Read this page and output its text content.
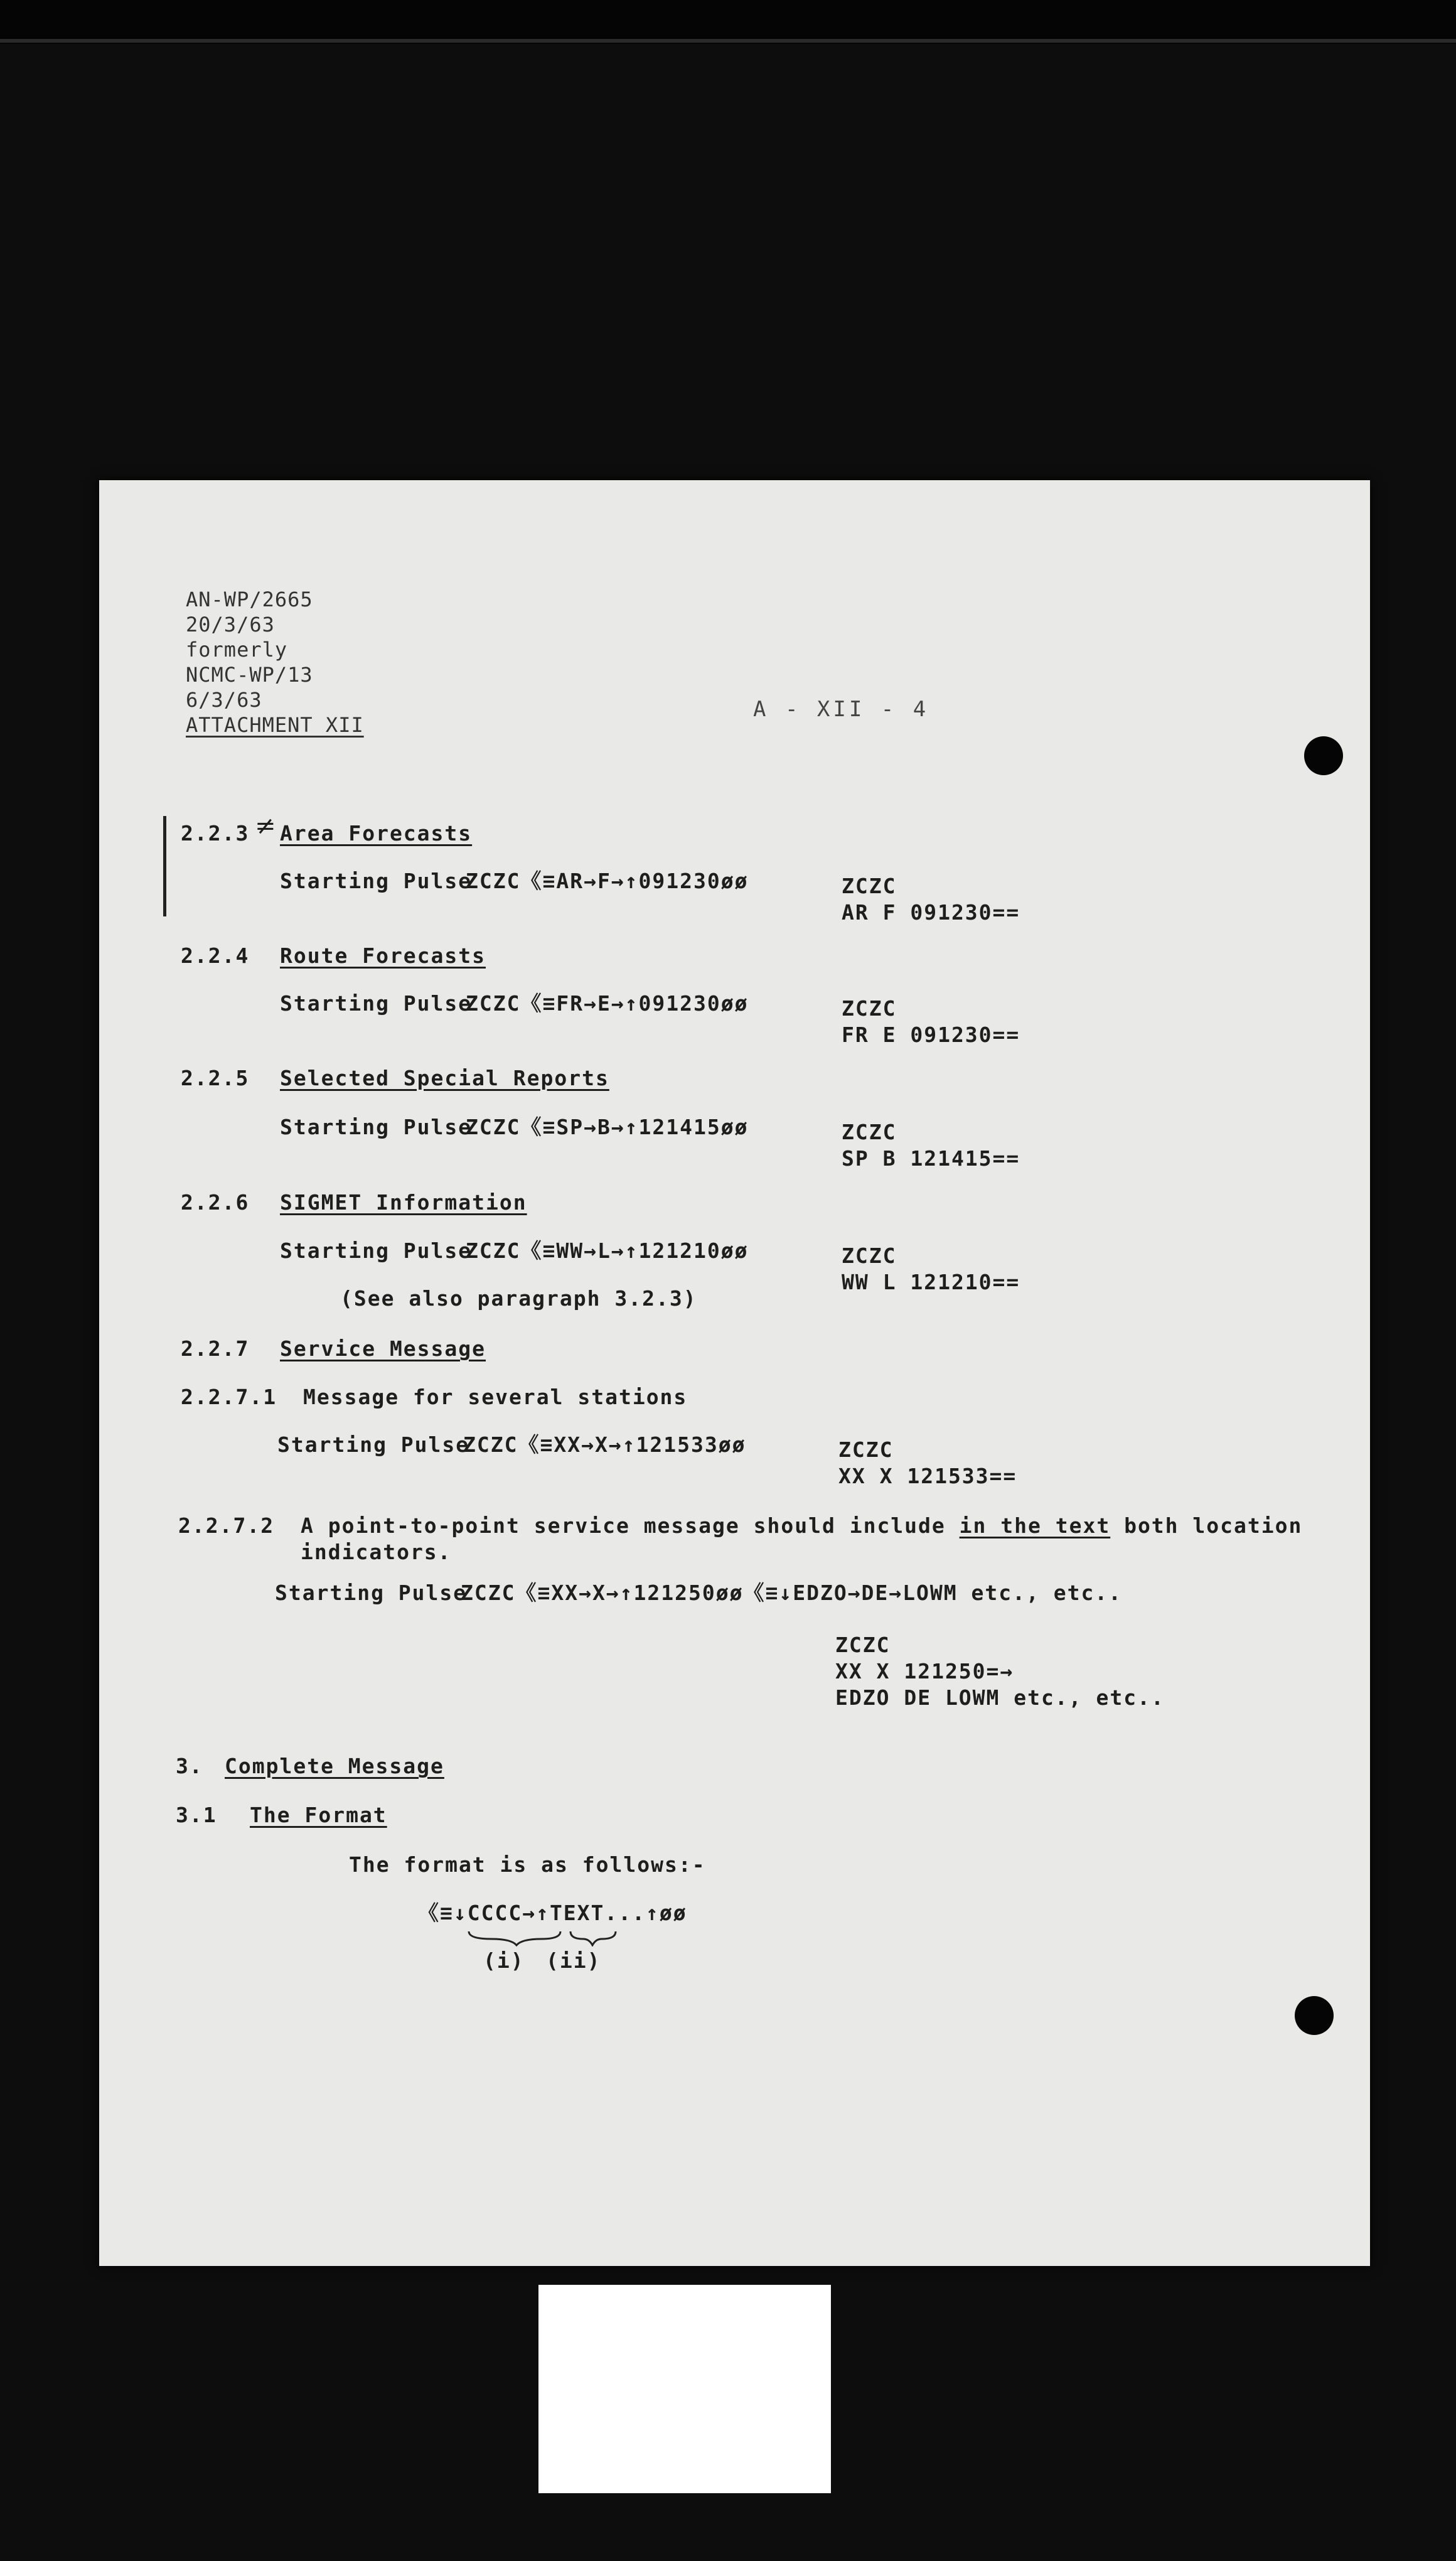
AN-WP/2665
20/3/63
formerly
NCMC-WP/13
6/3/63
ATTACHMENT XII
A - XII - 4
≠
2.2.3 Area Forecasts
Starting Pulse
ZCZC《≡AR→F→↑091230øø	ZCZC
AR F 091230==
2.2.4 Route Forecasts
Starting Pulse
ZCZC《≡FR→E→↑091230øø	ZCZC
FR E 091230==
2.2.5 Selected Special Reports
Starting Pulse
ZCZC《≡SP→B→↑121415øø	ZCZC
SP B 121415==
2.2.6 SIGMET Information
Starting Pulse
ZCZC《≡WW→L→↑121210øø	ZCZC
WW L 121210==
(See also paragraph 3.2.3)
2.2.7 Service Message
2.2.7.1 Message for several stations
Starting Pulse
ZCZC《≡XX→X→↑121533øø	ZCZC
XX X 121533==
2.2.7.2 A point-to-point service message should include in the text both location
indicators.
Starting Pulse
ZCZC《≡XX→X→↑121250øø《≡↓EDZO→DE→LOWM etc., etc..
ZCZC
XX X 121250=→
EDZO DE LOWM etc., etc..
3. Complete Message
3.1 The Format
The format is as follows:-
《≡↓CCCC→↑TEXT...↑øø
(i) (ii)
